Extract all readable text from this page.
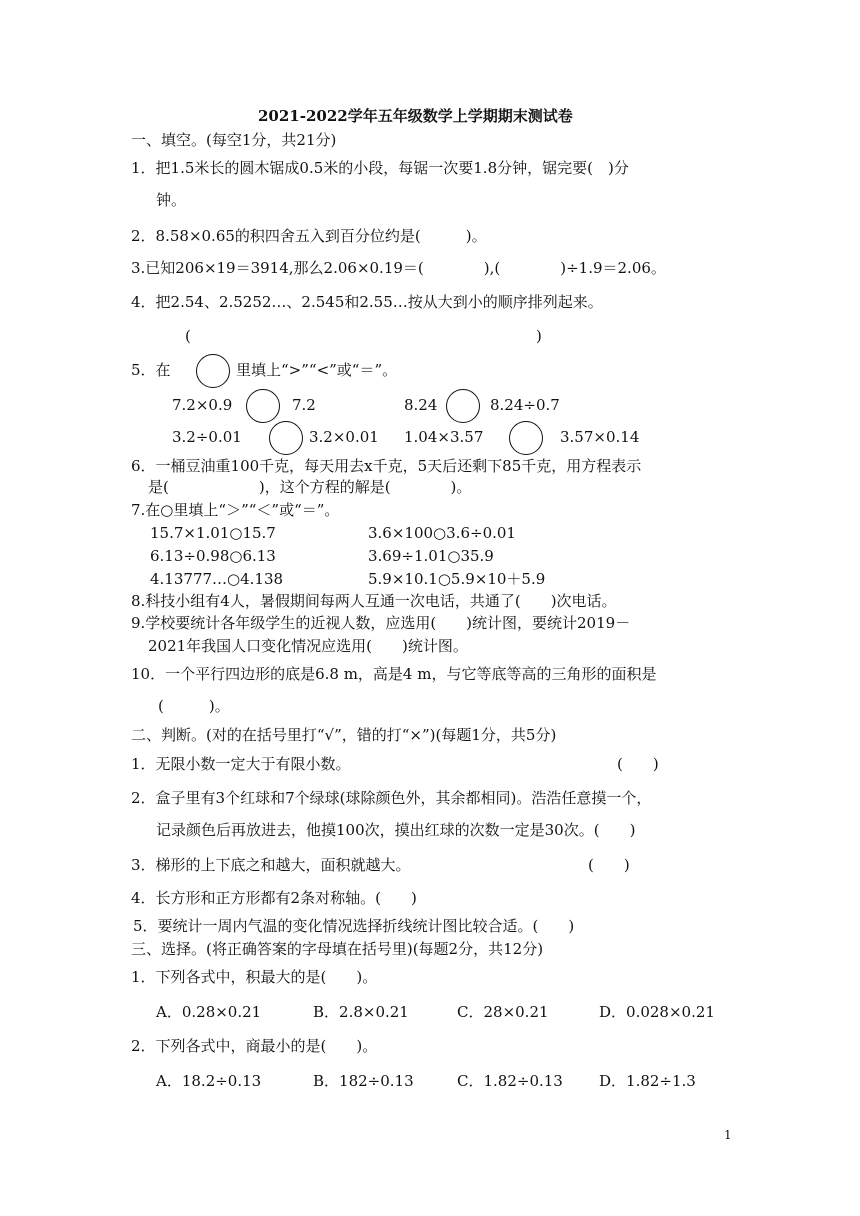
2021-2022学年五年级数学上学期期末测试卷
一、填空。(每空1分，共21分)
1．把1.5米长的圆木锯成0.5米的小段，每锯一次要1.8分钟，锯完要(　)分
钟。
2．8.58×0.65的积四舍五入到百分位约是(　　　)。
3.已知206×19＝3914,那么2.06×0.19＝(　　　　),(　　　　)÷1.9＝2.06。
4．把2.54、2.5252…、2.545和2.55…按从大到小的顺序排列起来。
(	)
5．在	里填上“>”“<”或“＝”。
7.2×0.9	7.2	8.24	8.24÷0.7
3.2÷0.01	3.2×0.01 1.04×3.57	3.57×0.14
6．一桶豆油重100千克，每天用去x千克，5天后还剩下85千克，用方程表示
是(　　　　　　)，这个方程的解是(　　　　)。
7.在○里填上“＞”“＜”或“＝”。
15.7×1.01○15.7	3.6×100○3.6÷0.01
6.13÷0.98○6.13	3.69÷1.01○35.9
4.13777…○4.138	5.9×10.1○5.9×10＋5.9
8.科技小组有4人，暑假期间每两人互通一次电话，共通了(　　)次电话。
9.学校要统计各年级学生的近视人数，应选用(　　)统计图，要统计2019－
2021年我国人口变化情况应选用(　　)统计图。
10．一个平行四边形的底是6.8 m，高是4 m，与它等底等高的三角形的面积是
(　　　)。
二、判断。(对的在括号里打“√”，错的打“×”)(每题1分，共5分)
1．无限小数一定大于有限小数。	(　　)
2．盒子里有3个红球和7个绿球(球除颜色外，其余都相同)。浩浩任意摸一个，
记录颜色后再放进去，他摸100次，摸出红球的次数一定是30次。(　　)
3．梯形的上下底之和越大，面积就越大。	(　　)
4．长方形和正方形都有2条对称轴。(　　)
5．要统计一周内气温的变化情况选择折线统计图比较合适。(　　)
三、选择。(将正确答案的字母填在括号里)(每题2分，共12分)
1．下列各式中，积最大的是(　　)。
A．0.28×0.21	B．2.8×0.21	C．28×0.21	D．0.028×0.21
2．下列各式中，商最小的是(　　)。
A．18.2÷0.13	B．182÷0.13	C．1.82÷0.13 D．1.82÷1.3
1
